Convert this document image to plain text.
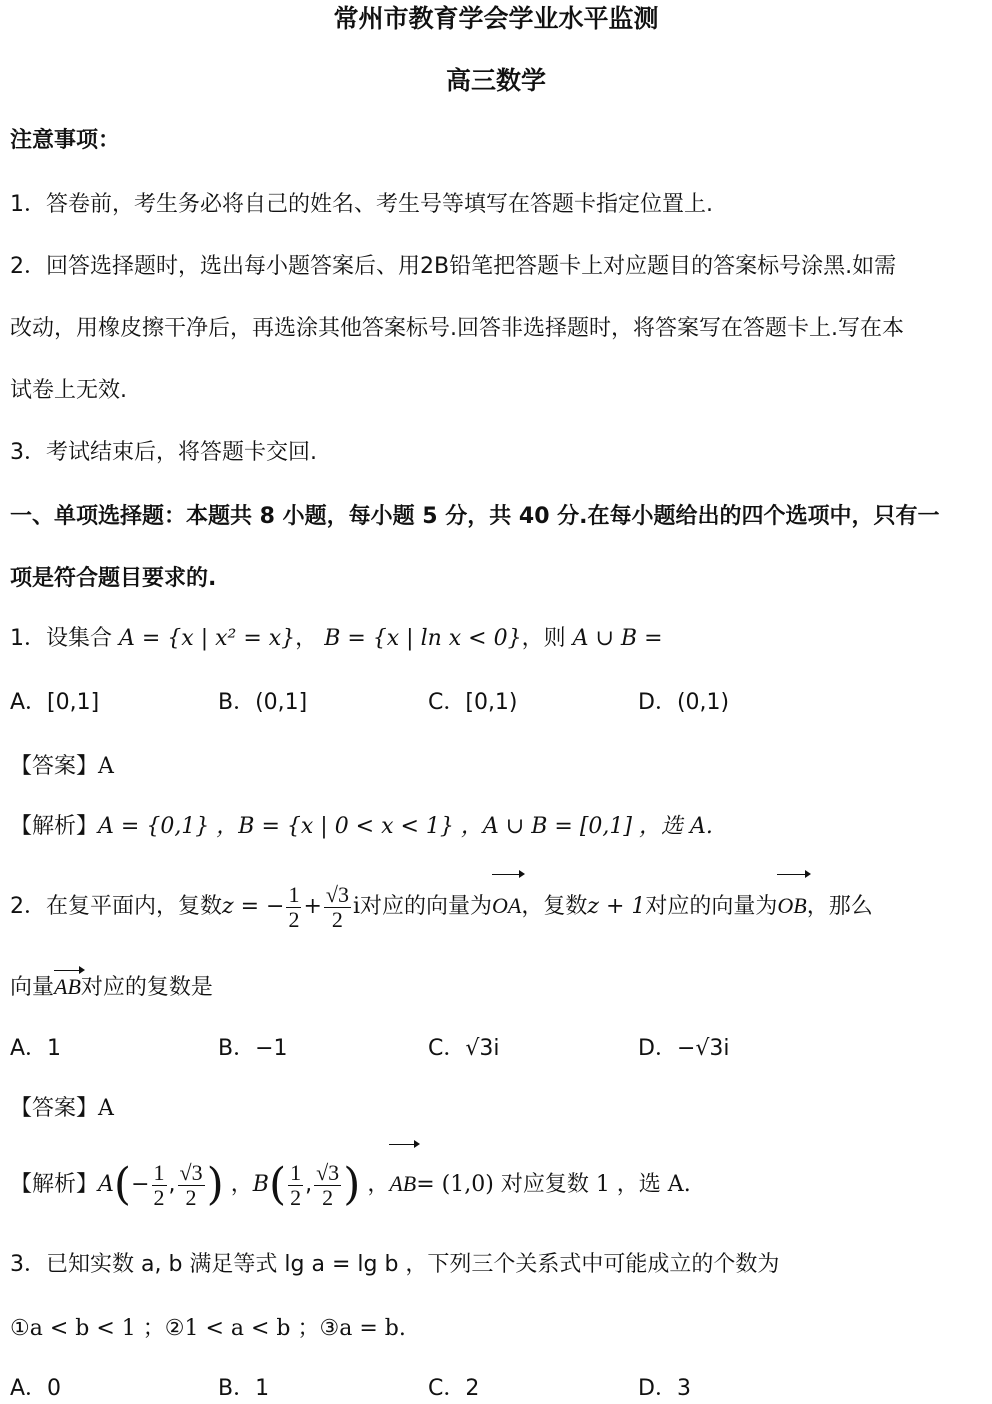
常州市教育学会学业水平监测
高三数学
注意事项：
1．答卷前，考生务必将自己的姓名、考生号等填写在答题卡指定位置上.
2．回答选择题时，选出每小题答案后、用2B铅笔把答题卡上对应题目的答案标号涂黑.如需
改动，用橡皮擦干净后，再选涂其他答案标号.回答非选择题时，将答案写在答题卡上.写在本
试卷上无效.
3．考试结束后，将答题卡交回.
一、单项选择题：本题共 8 小题，每小题 5 分，共 40 分.在每小题给出的四个选项中，只有一
项是符合题目要求的.
1．设集合 A = {x | x² = x}， B = {x | ln x < 0}，则 A ∪ B =
A．[0,1]	B．(0,1]	C．[0,1)	D．(0,1)
【答案】A
【解析】A = {0,1} ，B = {x | 0 < x < 1} ，A ∪ B = [0,1] ，选 A.
2．在复平面内，复数z = − $\frac{1}{2} + \frac{√3}{2}$ i对应的向量为OA，复数z + 1对应的向量为OB，那么
向量AB对应的复数是
A．1	B．−1	C．√3i	D．−√3i
【答案】A
【解析】$A(- \frac{1}{2}$ , $\frac{√3}{2}$ ) ，$B( \frac{1}{2}$ , $\frac{√3}{2}$ ) ，AB= (1,0) 对应复数 1 ，选 A.
3．已知实数 a, b 满足等式 lg a = lg b ，下列三个关系式中可能成立的个数为
①a < b < 1 ；②1 < a < b ；③a = b.
A．0	B．1	C．2	D．3
